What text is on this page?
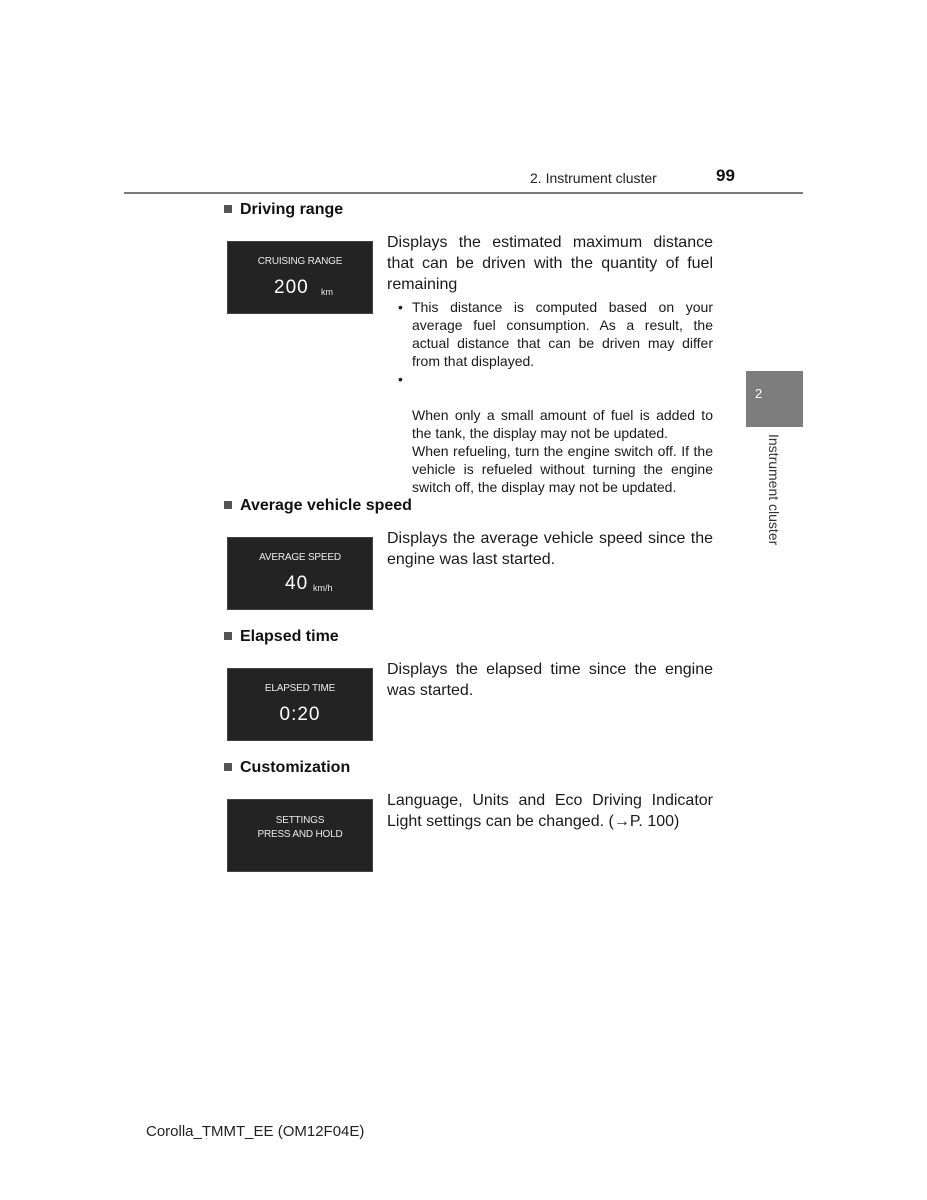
2. Instrument cluster	99
2
Instrument cluster
Driving range
CRUISING RANGE
200 km
Displays the estimated maximum distance that can be driven with the quantity of fuel remaining
• This distance is computed based on your average fuel consumption. As a result, the actual distance that can be driven may differ from that displayed.

•

When only a small amount of fuel is added to the tank, the display may not be updated.
When refueling, turn the engine switch off. If the vehicle is refueled without turning the engine switch off, the display may not be updated.

Average vehicle speed
AVERAGE SPEED
40 km/h
Displays the average vehicle speed since the engine was last started.
Elapsed time
ELAPSED TIME
0:20
Displays the elapsed time since the engine was started.
Customization
SETTINGS
PRESS AND HOLD
Language, Units and Eco Driving Indicator Light settings can be changed. (→P. 100)
Corolla_TMMT_EE (OM12F04E)
